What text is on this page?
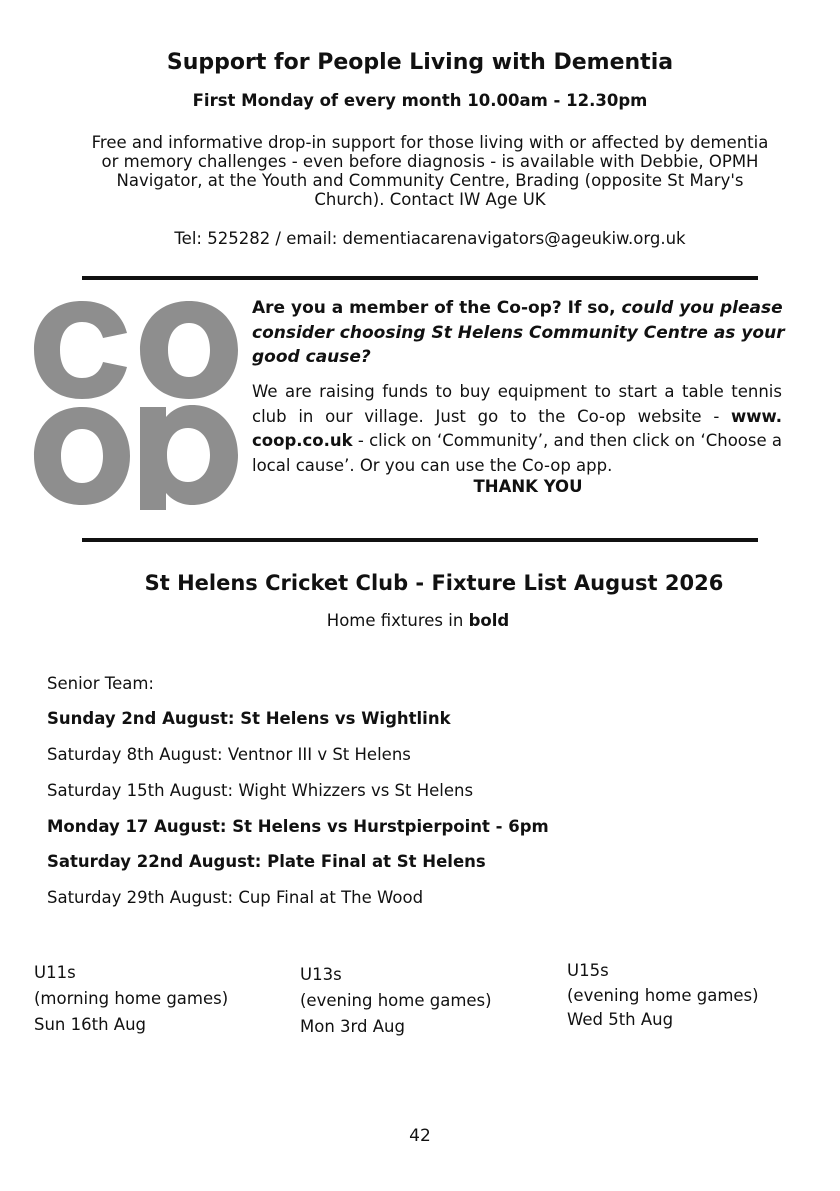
Support for People Living with Dementia
First Monday of every month 10.00am - 12.30pm
Free and informative drop-in support for those living with or affected by dementia or memory challenges - even before diagnosis - is available with Debbie, OPMH Navigator, at the Youth and Community Centre, Brading (opposite St Mary's Church). Contact IW Age UK
Tel: 525282 / email: dementiacarenavigators@ageukiw.org.uk
Are you a member of the Co-op? If so, could you please consider choosing St Helens Community Centre as your good cause?
We are raising funds to buy equipment to start a table tennis club in our village. Just go to the Co-op website - www. coop.co.uk - click on ‘Community’, and then click on ‘Choose a local cause’. Or you can use the Co-op app.
THANK YOU
St Helens Cricket Club - Fixture List August 2026
Home fixtures in bold
Senior Team:
Sunday 2nd August: St Helens vs Wightlink
Saturday 8th August: Ventnor III v St Helens
Saturday 15th August: Wight Whizzers vs St Helens
Monday 17 August: St Helens vs Hurstpierpoint - 6pm
Saturday 22nd August: Plate Final at St Helens
Saturday 29th August: Cup Final at The Wood
U11s
(morning home games)
Sun 16th Aug
U13s
(evening home games)
Mon 3rd Aug
U15s
(evening home games)
Wed 5th Aug
42
